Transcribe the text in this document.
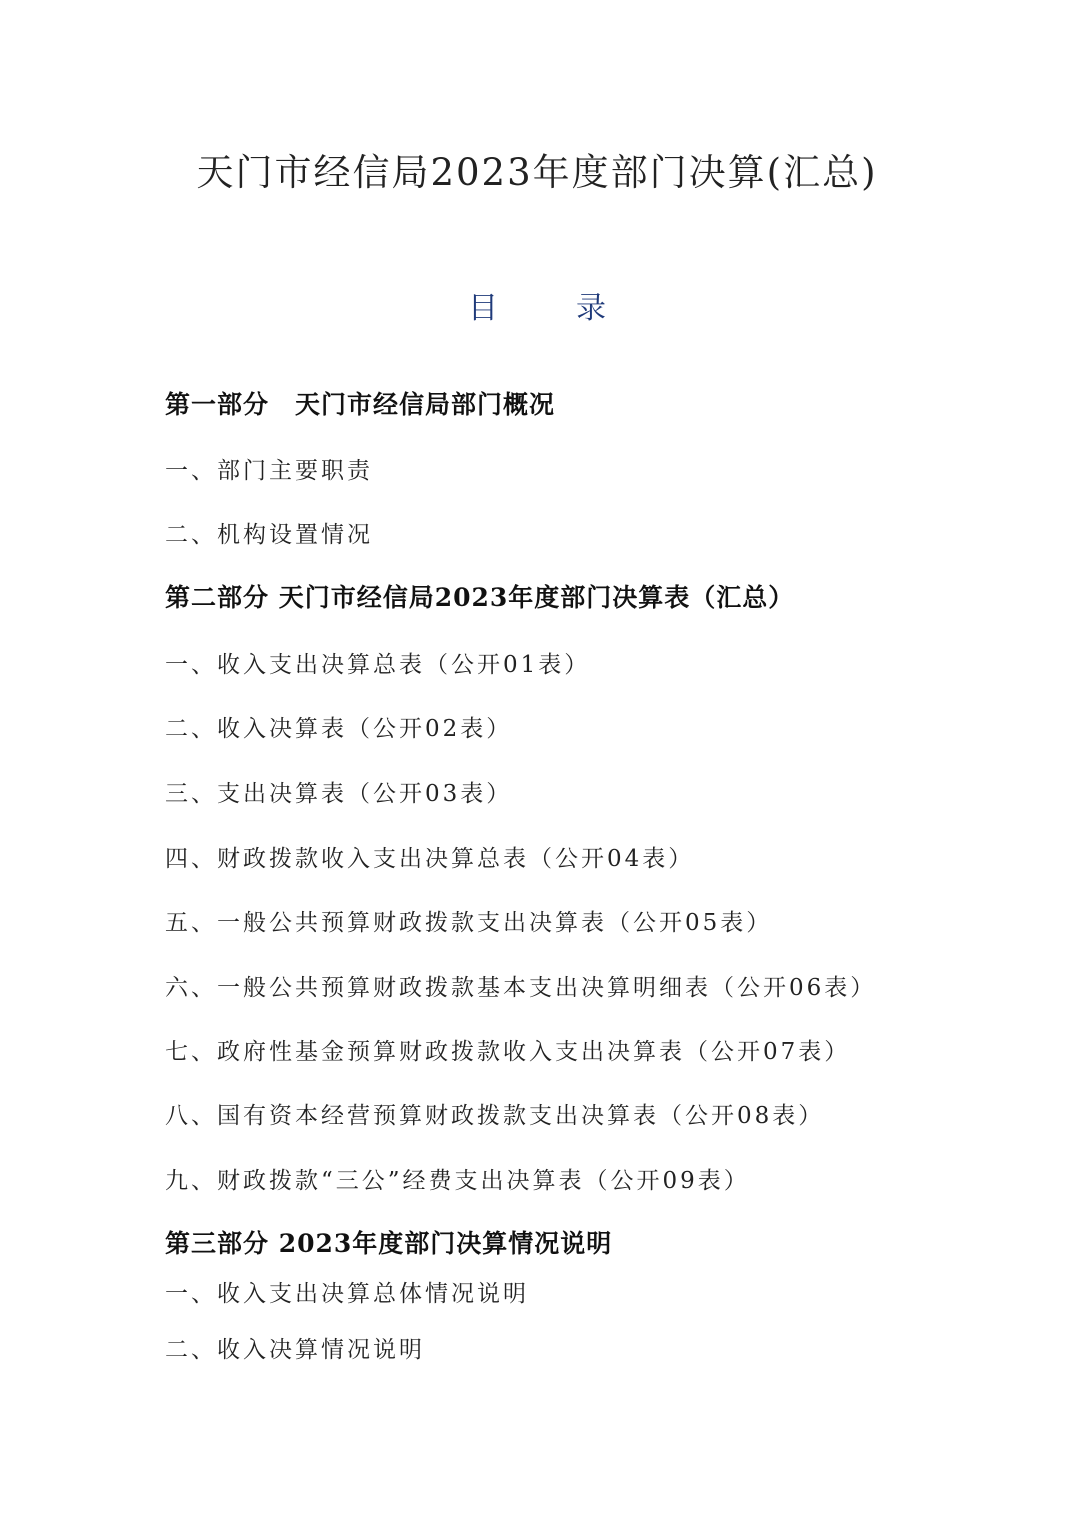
天门市经信局2023年度部门决算(汇总)
目	录
第一部分　天门市经信局部门概况
一、部门主要职责
二、机构设置情况
第二部分 天门市经信局2023年度部门决算表（汇总）
一、收入支出决算总表（公开01表）
二、收入决算表（公开02表）
三、支出决算表（公开03表）
四、财政拨款收入支出决算总表（公开04表）
五、一般公共预算财政拨款支出决算表（公开05表）
六、一般公共预算财政拨款基本支出决算明细表（公开06表）
七、政府性基金预算财政拨款收入支出决算表（公开07表）
八、国有资本经营预算财政拨款支出决算表（公开08表）
九、财政拨款“三公”经费支出决算表（公开09表）
第三部分 2023年度部门决算情况说明
一、收入支出决算总体情况说明
二、收入决算情况说明
